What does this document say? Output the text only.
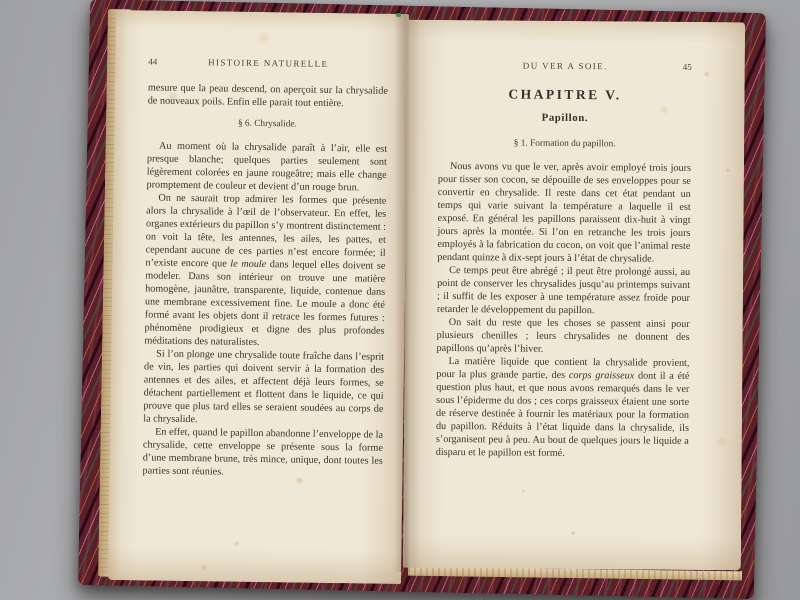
44	HISTOIRE NATURELLE

mesure que la peau descend, on aperçoit sur la chrysalide de nouveaux poils. Enfin elle parait tout entière.

§ 6. Chrysalide.

Au moment où la chrysalide paraît à l’air, elle est presque blanche; quelques parties seulement sont légèrement colorées en jaune rougeâtre; mais elle change promptement de couleur et devient d’un rouge brun.

On ne saurait trop admirer les formes que présente alors la chrysalide à l’œil de l’observateur. En effet, les organes extérieurs du papillon s’y montrent distinctement : on voit la tête, les antennes, les ailes, les pattes, et cependant aucune de ces parties n’est encore formée; il n’existe encore que le moule dans lequel elles doivent se modeler. Dans son intérieur on trouve une matière homogène, jaunâtre, transparente, liquide, contenue dans une membrane excessivement fine. Le moule a donc été formé avant les objets dont il retrace les formes futures : phénomène prodigieux et digne des plus profondes méditations des naturalistes.

Si l’on plonge une chrysalide toute fraîche dans l’esprit de vin, les parties qui doivent servir à la formation des antennes et des ailes, et affectent déjà leurs formes, se détachent partiellement et flottent dans le liquide, ce qui prouve que plus tard elles se seraient soudées au corps de la chrysalide.

En effet, quand le papillon abandonne l’enveloppe de la chrysalide, cette enveloppe se présente sous la forme d’une membrane brune, très mince, unique, dont toutes les parties sont réunies.

DU VER A SOIE.	45
CHAPITRE V.
Papillon.
§ 1. Formation du papillon.

Nous avons vu que le ver, après avoir employé trois jours pour tisser son cocon, se dépouille de ses enveloppes pour se convertir en chrysalide. Il reste dans cet état pendant un temps qui varie suivant la température a laquelle il est exposé. En général les papillons paraissent dix-huit à vingt jours après la montée. Si l’on en retranche les trois jours employés à la fabrication du cocon, on voit que l’animal reste pendant quinze à dix-sept jours à l’état de chrysalide.

Ce temps peut être abrégé ; il peut être prolongé aussi, au point de conserver les chrysalides jusqu’au printemps suivant ; il suffit de les exposer à une température assez froide pour retarder le développement du papillon.

On sait du reste que les choses se passent ainsi pour plusieurs chenilles ; leurs chrysalides ne donnent des papillons qu’après l’hiver.

La matière liquide que contient la chrysalide provient, pour la plus grande partie, des corps graisseux dont il a été question plus haut, et que nous avons remarqués dans le ver sous l’épiderme du dos ; ces corps graisseux étaient une sorte de réserve destinée à fournir les matériaux pour la formation du papillon. Réduits à l’état liquide dans la chrysalide, ils s’organisent peu à peu. Au bout de quelques jours le liquide a disparu et le papillon est formé.
